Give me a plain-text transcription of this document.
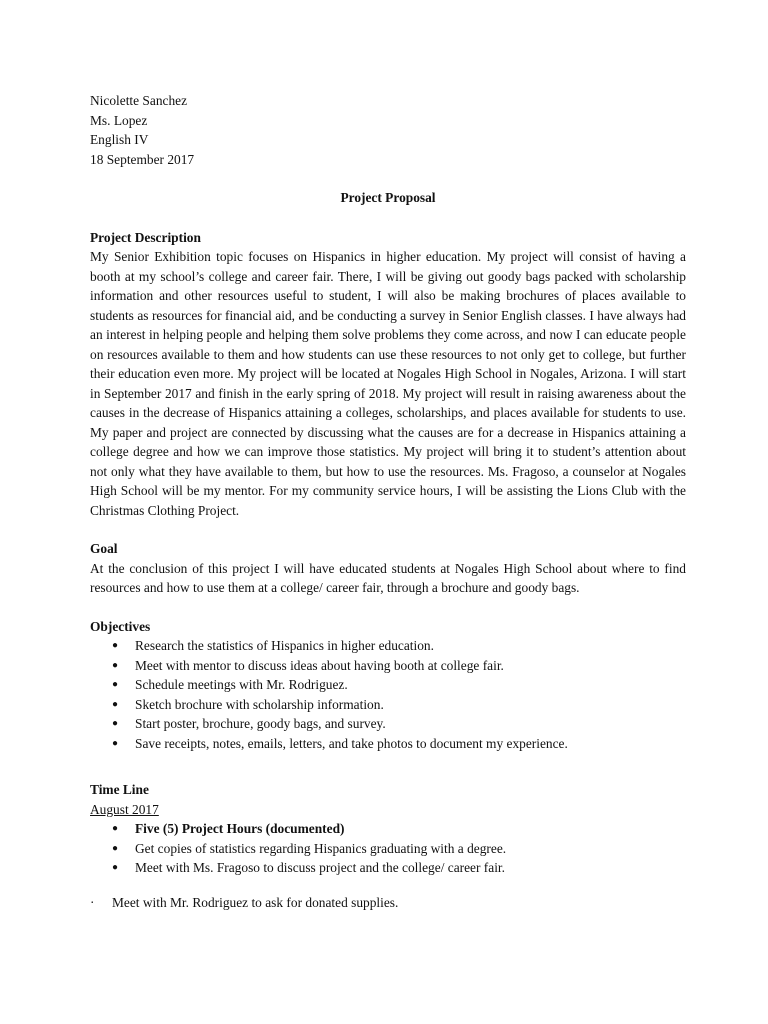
Nicolette Sanchez
Ms. Lopez
English IV
18 September 2017
Project Proposal
Project Description

My Senior Exhibition topic focuses on Hispanics in higher education. My project will consist of having a booth at my school’s college and career fair. There, I will be giving out goody bags packed with scholarship information and other resources useful to student, I will also be making brochures of places available to students as resources for financial aid, and be conducting a survey in Senior English classes. I have always had an interest in helping people and helping them solve problems they come across, and now I can educate people on resources available to them and how students can use these resources to not only get to college, but further their education even more. My project will be located at Nogales High School in Nogales, Arizona. I will start in September 2017 and finish in the early spring of 2018. My project will result in raising awareness about the causes in the decrease of Hispanics attaining a colleges, scholarships, and places available for students to use. My paper and project are connected by discussing what the causes are for a decrease in Hispanics attaining a college degree and how we can improve those statistics. My project will bring it to student’s attention about not only what they have available to them, but how to use the resources. Ms. Fragoso, a counselor at Nogales High School will be my mentor. For my community service hours, I will be assisting the Lions Club with the Christmas Clothing Project.

Goal

At the conclusion of this project I will have educated students at Nogales High School about where to find resources and how to use them at a college/ career fair, through a brochure and goody bags.

Objectives
● Research the statistics of Hispanics in higher education.
● Meet with mentor to discuss ideas about having booth at college fair.
● Schedule meetings with Mr. Rodriguez.
● Sketch brochure with scholarship information.
● Start poster, brochure, goody bags, and survey.
● Save receipts, notes, emails, letters, and take photos to document my experience.
Time Line
August 2017
● Five (5) Project Hours (documented)
● Get copies of statistics regarding Hispanics graduating with a degree.
● Meet with Ms. Fragoso to discuss project and the college/ career fair.
· Meet with Mr. Rodriguez to ask for donated supplies.
